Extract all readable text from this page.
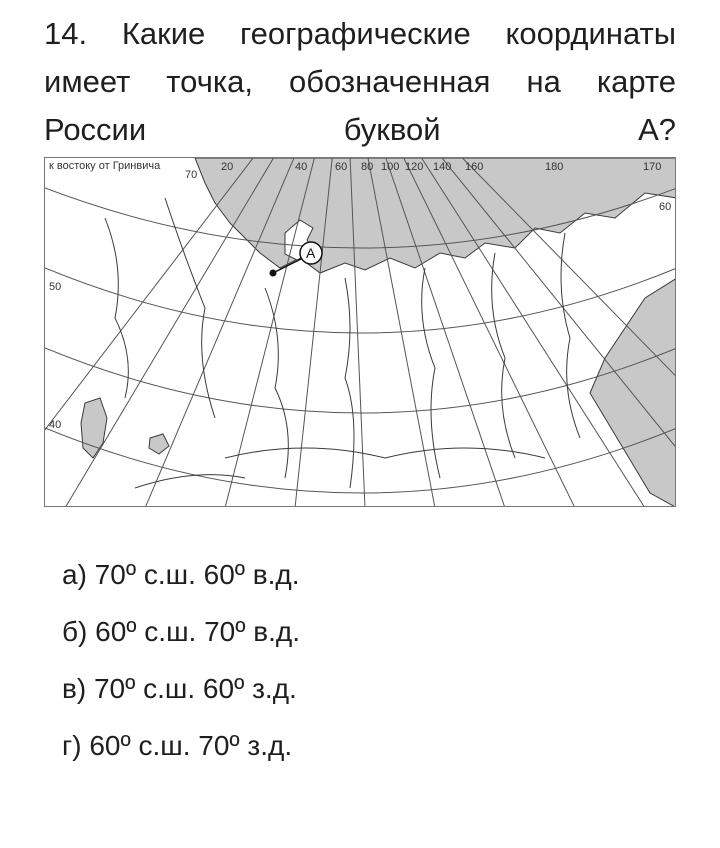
14. Какие географические координаты
имеет точка, обозначенная на карте
России буквой А?
A
к востоку от Гринвича	20	40	60 80 100 120 140 160	180	170
70
50
40
60
а) 70º с.ш. 60º в.д.
б) 60º с.ш. 70º в.д.
в) 70º с.ш. 60º з.д.
г) 60º с.ш. 70º з.д.
